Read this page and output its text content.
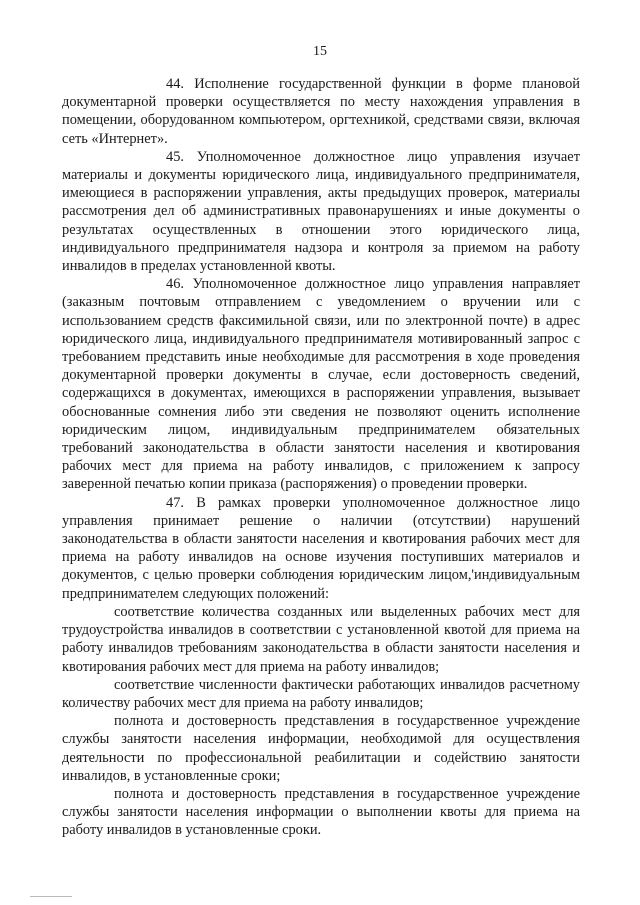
15

44. Исполнение государственной функции в форме плановой документарной проверки осуществляется по месту нахождения управления в помещении, оборудованном компьютером, оргтехникой, средствами связи, включая сеть «Интернет».

45. Уполномоченное должностное лицо управления изучает материалы и документы юридического лица, индивидуального предпринимателя, имеющиеся в распоряжении управления, акты предыдущих проверок, материалы рассмотрения дел об административных правонарушениях и иные документы о результатах осуществленных в отношении этого юридического лица, индивидуального предпринимателя надзора и контроля за приемом на работу инвалидов в пределах установленной квоты.

46. Уполномоченное должностное лицо управления направляет (заказным почтовым отправлением с уведомлением о вручении или с использованием средств факсимильной связи, или по электронной почте) в адрес юридического лица, индивидуального предпринимателя мотивированный запрос с требованием представить иные необходимые для рассмотрения в ходе проведения документарной проверки документы в случае, если достоверность сведений, содержащихся в документах, имеющихся в распоряжении управления, вызывает обоснованные сомнения либо эти сведения не позволяют оценить исполнение юридическим лицом, индивидуальным предпринимателем обязательных требований законодательства в области занятости населения и квотирования рабочих мест для приема на работу инвалидов, с приложением к запросу заверенной печатью копии приказа (распоряжения) о проведении проверки.

47. В рамках проверки уполномоченное должностное лицо управления принимает решение о наличии (отсутствии) нарушений законодательства в области занятости населения и квотирования рабочих мест для приема на работу инвалидов на основе изучения поступивших материалов и документов, с целью проверки соблюдения юридическим лицом,'индивидуальным предпринимателем следующих положений:

соответствие количества созданных или выделенных рабочих мест для трудоустройства инвалидов в соответствии с установленной квотой для приема на работу инвалидов требованиям законодательства в области занятости населения и квотирования рабочих мест для приема на работу инвалидов;

соответствие численности фактически работающих инвалидов расчетному количеству рабочих мест для приема на работу инвалидов;

полнота и достоверность представления в государственное учреждение службы занятости населения информации, необходимой для осуществления деятельности по профессиональной реабилитации и содействию занятости инвалидов, в установленные сроки;

полнота и достоверность представления в государственное учреждение службы занятости населения информации о выполнении квоты для приема на работу инвалидов в установленные сроки.
